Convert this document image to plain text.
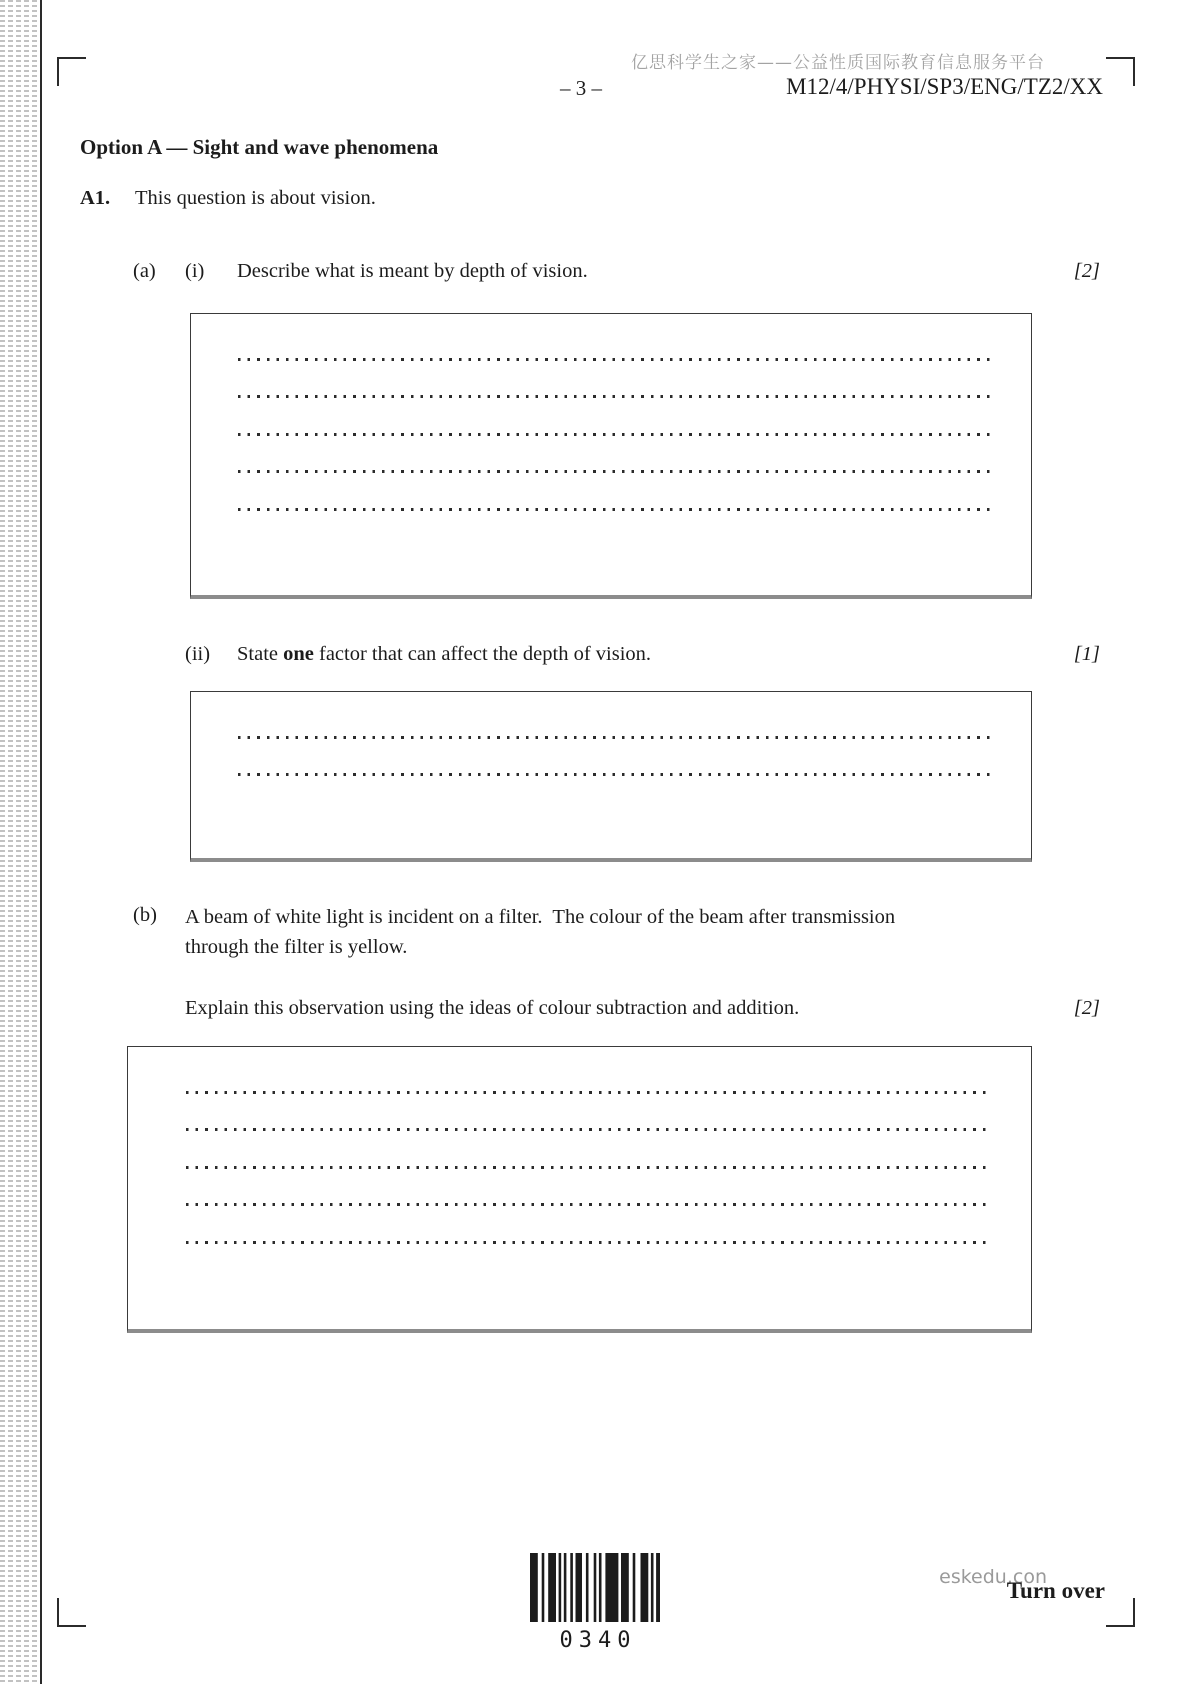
亿思科学生之家——公益性质国际教育信息服务平台
– 3 –	M12/4/PHYSI/SP3/ENG/TZ2/XX
Option A — Sight and wave phenomena
A1. This question is about vision.
(a) (i) Describe what is meant by depth of vision.	[2]
(ii) State one factor that can affect the depth of vision.	[1]
(b) A beam of white light is incident on a filter.  The colour of the beam after transmission
through the filter is yellow.
Explain this observation using the ideas of colour subtraction and addition.	[2]
0340
eskedu.con
Turn over
